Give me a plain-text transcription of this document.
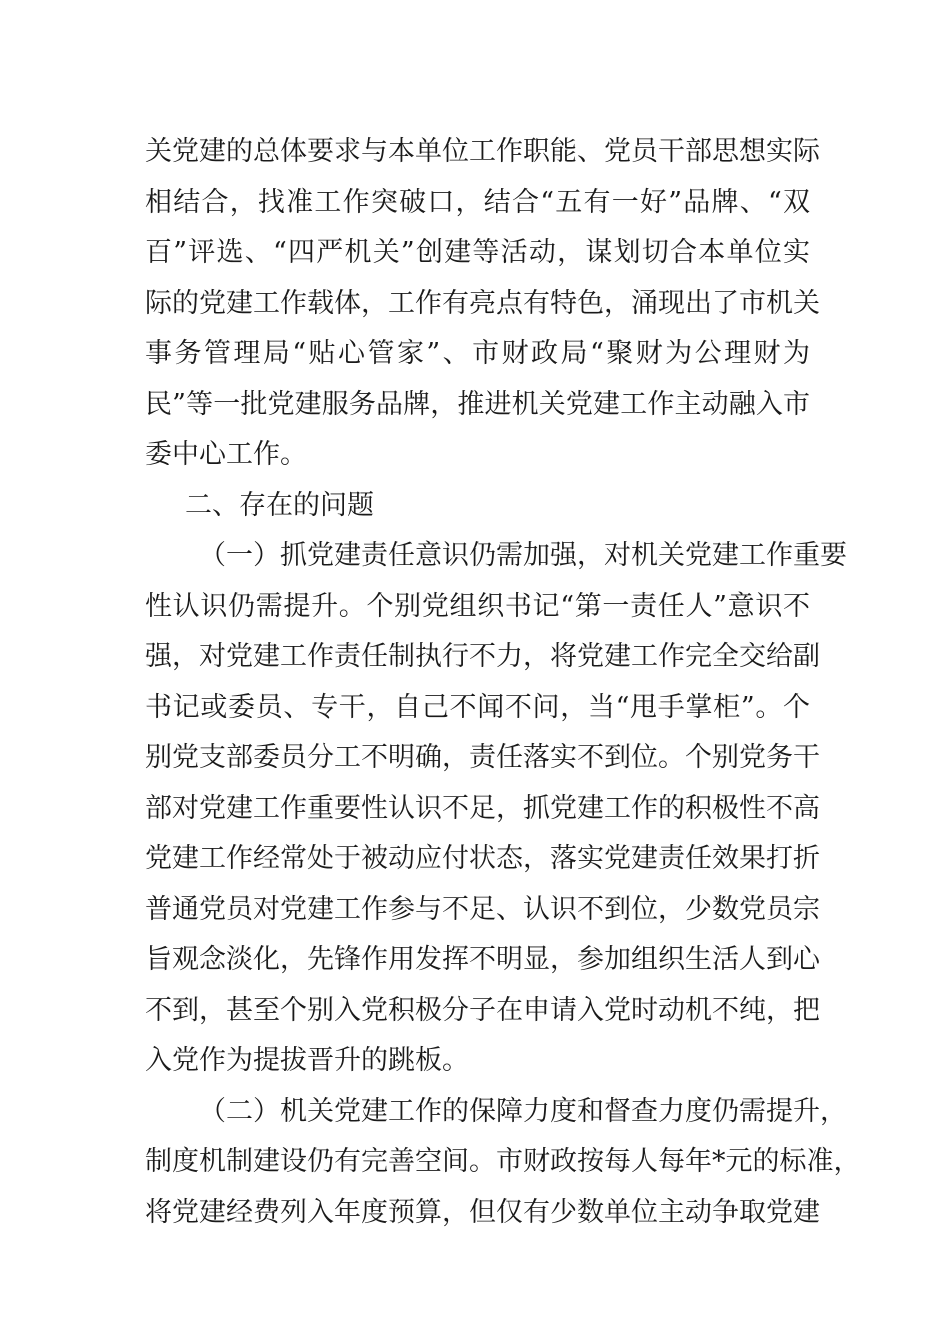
关党建的总体要求与本单位工作职能、党员干部思想实际
相结合，找准工作突破口，结合“五有一好”品牌、“双
百”评选、“四严机关”创建等活动，谋划切合本单位实
际的党建工作载体，工作有亮点有特色，涌现出了市机关
事务管理局“贴心管家”、市财政局“聚财为公理财为
民”等一批党建服务品牌，推进机关党建工作主动融入市
委中心工作。
二、存在的问题
（一）抓党建责任意识仍需加强，对机关党建工作重要
性认识仍需提升。个别党组织书记“第一责任人”意识不
强，对党建工作责任制执行不力，将党建工作完全交给副
书记或委员、专干，自己不闻不问，当“甩手掌柜”。个
别党支部委员分工不明确，责任落实不到位。个别党务干
部对党建工作重要性认识不足，抓党建工作的积极性不高
党建工作经常处于被动应付状态，落实党建责任效果打折
普通党员对党建工作参与不足、认识不到位，少数党员宗
旨观念淡化，先锋作用发挥不明显，参加组织生活人到心
不到，甚至个别入党积极分子在申请入党时动机不纯，把
入党作为提拔晋升的跳板。
（二）机关党建工作的保障力度和督查力度仍需提升，
制度机制建设仍有完善空间。市财政按每人每年*元的标准，
将党建经费列入年度预算，但仅有少数单位主动争取党建
